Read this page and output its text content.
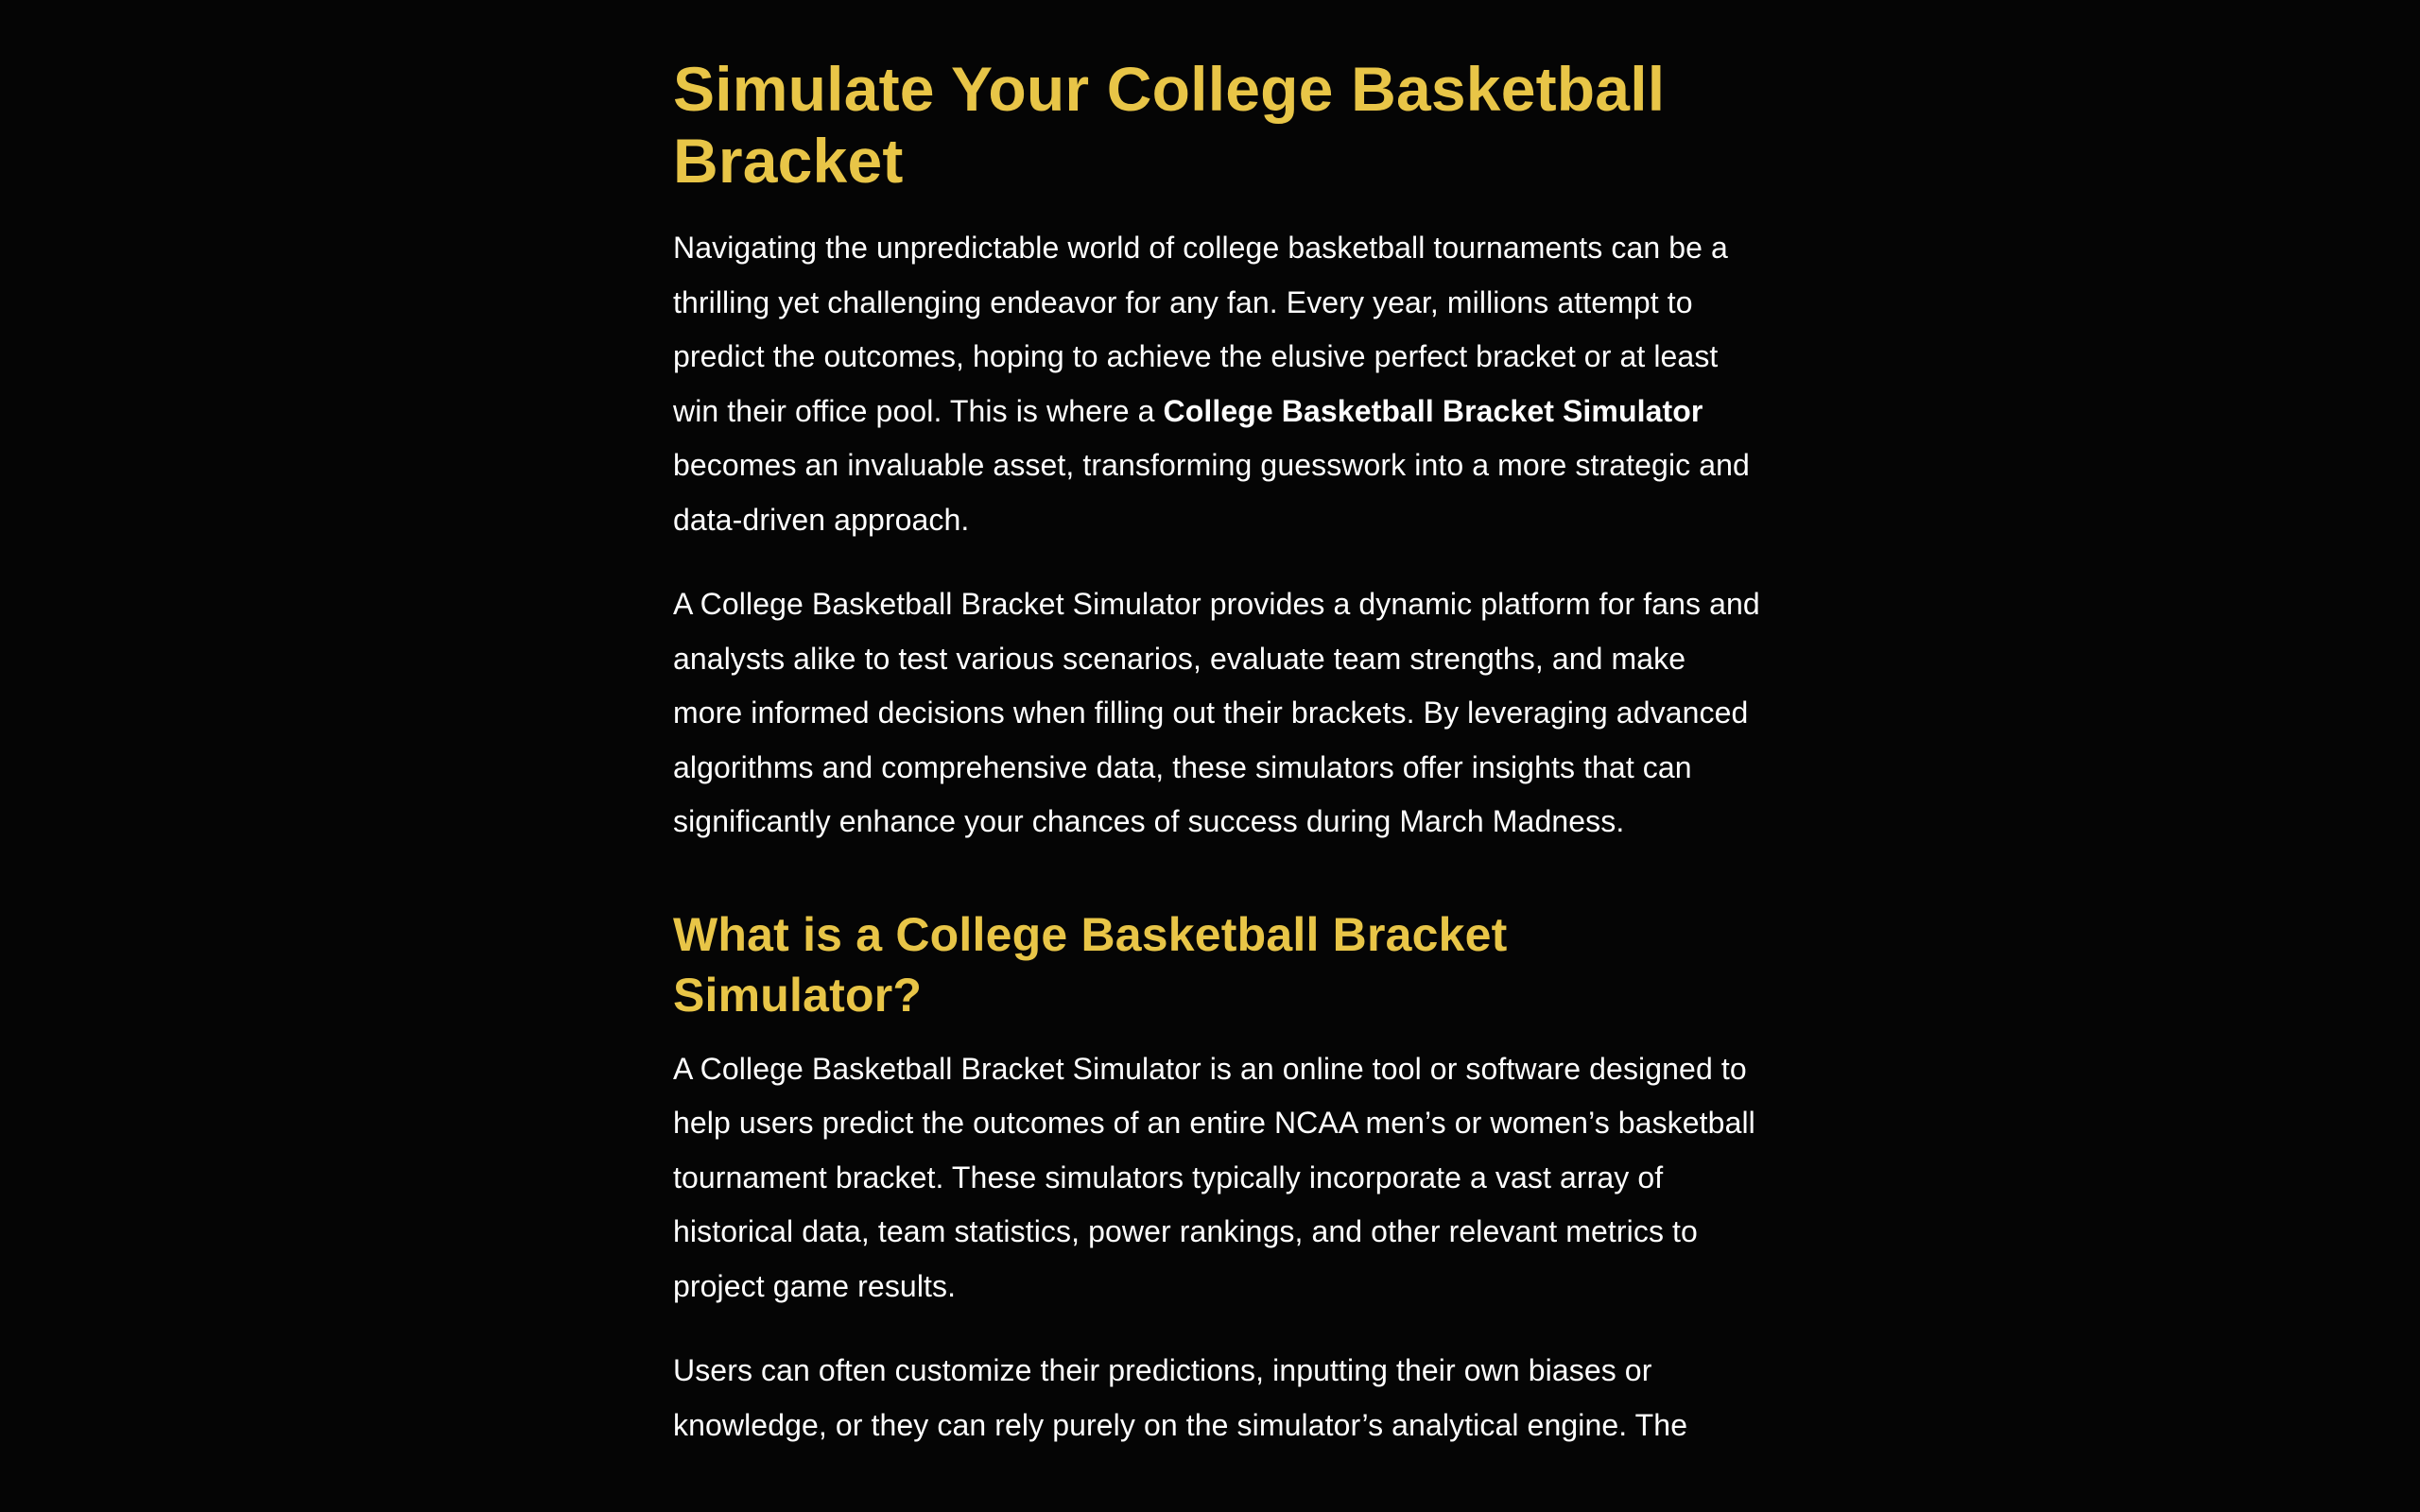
Simulate Your College Basketball Bracket

Navigating the unpredictable world of college basketball tournaments can be a thrilling yet challenging endeavor for any fan. Every year, millions attempt to predict the outcomes, hoping to achieve the elusive perfect bracket or at least win their office pool. This is where a College Basketball Bracket Simulator becomes an invaluable asset, transforming guesswork into a more strategic and data-driven approach.

A College Basketball Bracket Simulator provides a dynamic platform for fans and analysts alike to test various scenarios, evaluate team strengths, and make more informed decisions when filling out their brackets. By leveraging advanced algorithms and comprehensive data, these simulators offer insights that can significantly enhance your chances of success during March Madness.

What is a College Basketball Bracket Simulator?

A College Basketball Bracket Simulator is an online tool or software designed to help users predict the outcomes of an entire NCAA men’s or women’s basketball tournament bracket. These simulators typically incorporate a vast array of historical data, team statistics, power rankings, and other relevant metrics to project game results.

Users can often customize their predictions, inputting their own biases or knowledge, or they can rely purely on the simulator’s analytical engine. The
